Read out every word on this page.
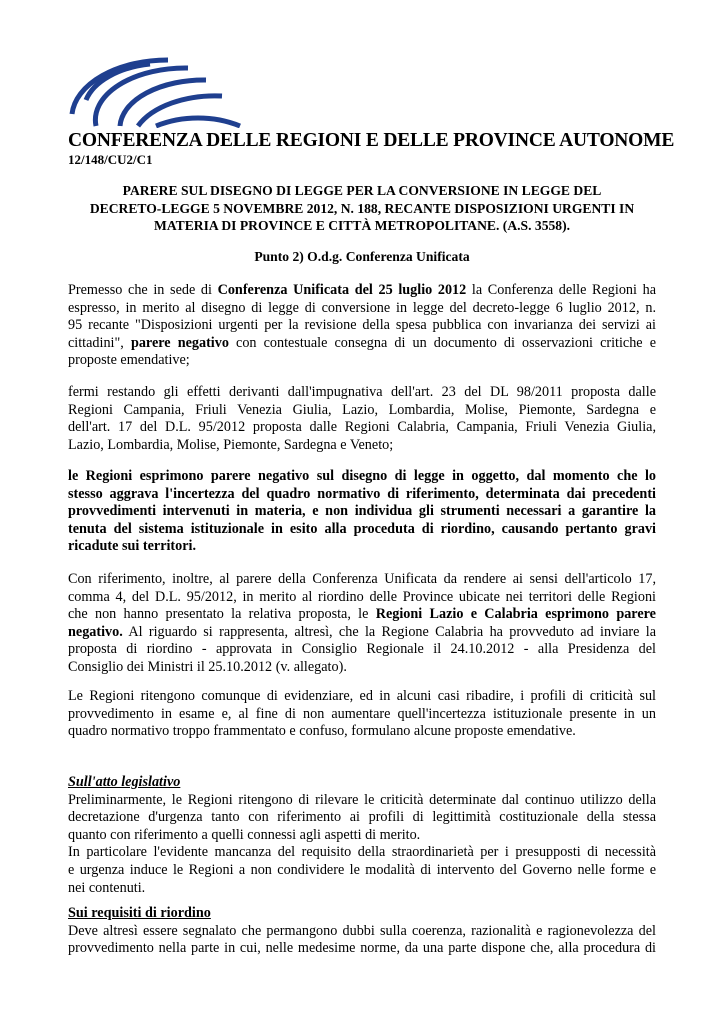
CONFERENZA DELLE REGIONI E DELLE PROVINCE AUTONOME
12/148/CU2/C1
PARERE SUL DISEGNO DI LEGGE PER LA CONVERSIONE IN LEGGE DEL
DECRETO-LEGGE 5 NOVEMBRE 2012, N. 188, RECANTE DISPOSIZIONI URGENTI IN
MATERIA DI PROVINCE E CITTÀ METROPOLITANE. (A.S. 3558).
Punto 2) O.d.g. Conferenza Unificata
Premesso che in sede di Conferenza Unificata del 25 luglio 2012 la Conferenza delle Regioni ha
espresso, in merito al disegno di legge di conversione in legge del decreto-legge 6 luglio 2012, n.
95 recante "Disposizioni urgenti per la revisione della spesa pubblica con invarianza dei servizi ai
cittadini", parere negativo con contestuale consegna di un documento di osservazioni critiche e
proposte emendative;
fermi restando gli effetti derivanti dall'impugnativa dell'art. 23 del DL 98/2011 proposta dalle
Regioni Campania, Friuli Venezia Giulia, Lazio, Lombardia, Molise, Piemonte, Sardegna e
dell'art. 17 del D.L. 95/2012 proposta dalle Regioni Calabria, Campania, Friuli Venezia Giulia,
Lazio, Lombardia, Molise, Piemonte, Sardegna e Veneto;
le Regioni esprimono parere negativo sul disegno di legge in oggetto, dal momento che lo
stesso aggrava l'incertezza del quadro normativo di riferimento, determinata dai precedenti
provvedimenti intervenuti in materia, e non individua gli strumenti necessari a garantire la
tenuta del sistema istituzionale in esito alla proceduta di riordino, causando pertanto gravi
ricadute sui territori.
Con riferimento, inoltre, al parere della Conferenza Unificata da rendere ai sensi dell'articolo 17,
comma 4, del D.L. 95/2012, in merito al riordino delle Province ubicate nei territori delle Regioni
che non hanno presentato la relativa proposta, le Regioni Lazio e Calabria esprimono parere
negativo. Al riguardo si rappresenta, altresì, che la Regione Calabria ha provveduto ad inviare la
proposta di riordino - approvata in Consiglio Regionale il 24.10.2012 - alla Presidenza del
Consiglio dei Ministri il 25.10.2012 (v. allegato).
Le Regioni ritengono comunque di evidenziare, ed in alcuni casi ribadire, i profili di criticità sul
provvedimento in esame e, al fine di non aumentare quell'incertezza istituzionale presente in un
quadro normativo troppo frammentato e confuso, formulano alcune proposte emendative.
Sull'atto legislativo
Preliminarmente, le Regioni ritengono di rilevare le criticità determinate dal continuo utilizzo della
decretazione d'urgenza tanto con riferimento ai profili di legittimità costituzionale della stessa
quanto con riferimento a quelli connessi agli aspetti di merito.
In particolare l'evidente mancanza del requisito della straordinarietà per i presupposti di necessità
e urgenza induce le Regioni a non condividere le modalità di intervento del Governo nelle forme e
nei contenuti.
Sui requisiti di riordino
Deve altresì essere segnalato che permangono dubbi sulla coerenza, razionalità e ragionevolezza del
provvedimento nella parte in cui, nelle medesime norme, da una parte dispone che, alla procedura di
